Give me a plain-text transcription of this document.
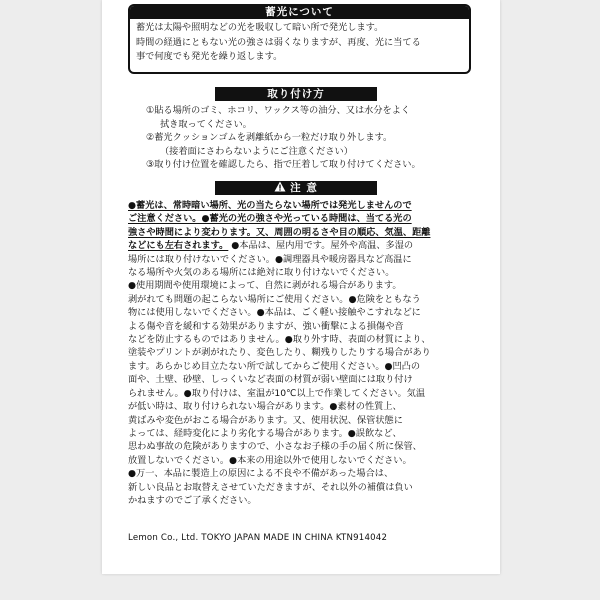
蓄光について
蓄光は太陽や照明などの光を吸収して暗い所で発光します。
時間の経過にともない光の強さは弱くなりますが、再度、光に当てる
事で何度でも発光を繰り返します。
取り付け方
①貼る場所のゴミ、ホコリ、ワックス等の油分、又は水分をよく
拭き取ってください。
②蓄光クッションゴムを剥離紙から一粒だけ取り外します。
（接着面にさわらないようにご注意ください）
③取り付け位置を確認したら、指で圧着して取り付けてください。
注 意
●蓄光は、常時暗い場所、光の当たらない場所では発光しませんので
ご注意ください。●蓄光の光の強さや光っている時間は、当てる光の
強さや時間により変わります。又、周囲の明るさや目の順応、気温、距離
などにも左右されます。 ●本品は、屋内用です。屋外や高温、多湿の
場所には取り付けないでください。●調理器具や暖房器具など高温に
なる場所や火気のある場所には絶対に取り付けないでください。
●使用期間や使用環境によって、自然に剥がれる場合があります。
剥がれても問題の起こらない場所にご使用ください。●危険をともなう
物には使用しないでください。●本品は、ごく軽い接触やこすれなどに
よる傷や音を緩和する効果がありますが、強い衝撃による損傷や音
などを防止するものではありません。●取り外す時、表面の材質により、
塗装やプリントが剥がれたり、変色したり、糊残りしたりする場合があり
ます。あらかじめ目立たない所で試してからご使用ください。●凹凸の
面や、土壁、砂壁、しっくいなど表面の材質が弱い壁面には取り付け
られません。●取り付けは、室温が10℃以上で作業してください。気温
が低い時は、取り付けられない場合があります。●素材の性質上、
黄ばみや変色がおこる場合があります。又、使用状況、保管状態に
よっては、経時変化により劣化する場合があります。●誤飲など、
思わぬ事故の危険がありますので、小さなお子様の手の届く所に保管、
放置しないでください。●本来の用途以外で使用しないでください。
●万一、本品に製造上の原因による不良や不備があった場合は、
新しい良品とお取替えさせていただきますが、それ以外の補償は負い
かねますのでご了承ください。
Lemon Co., Ltd. TOKYO JAPAN MADE IN CHINA KTN914042
